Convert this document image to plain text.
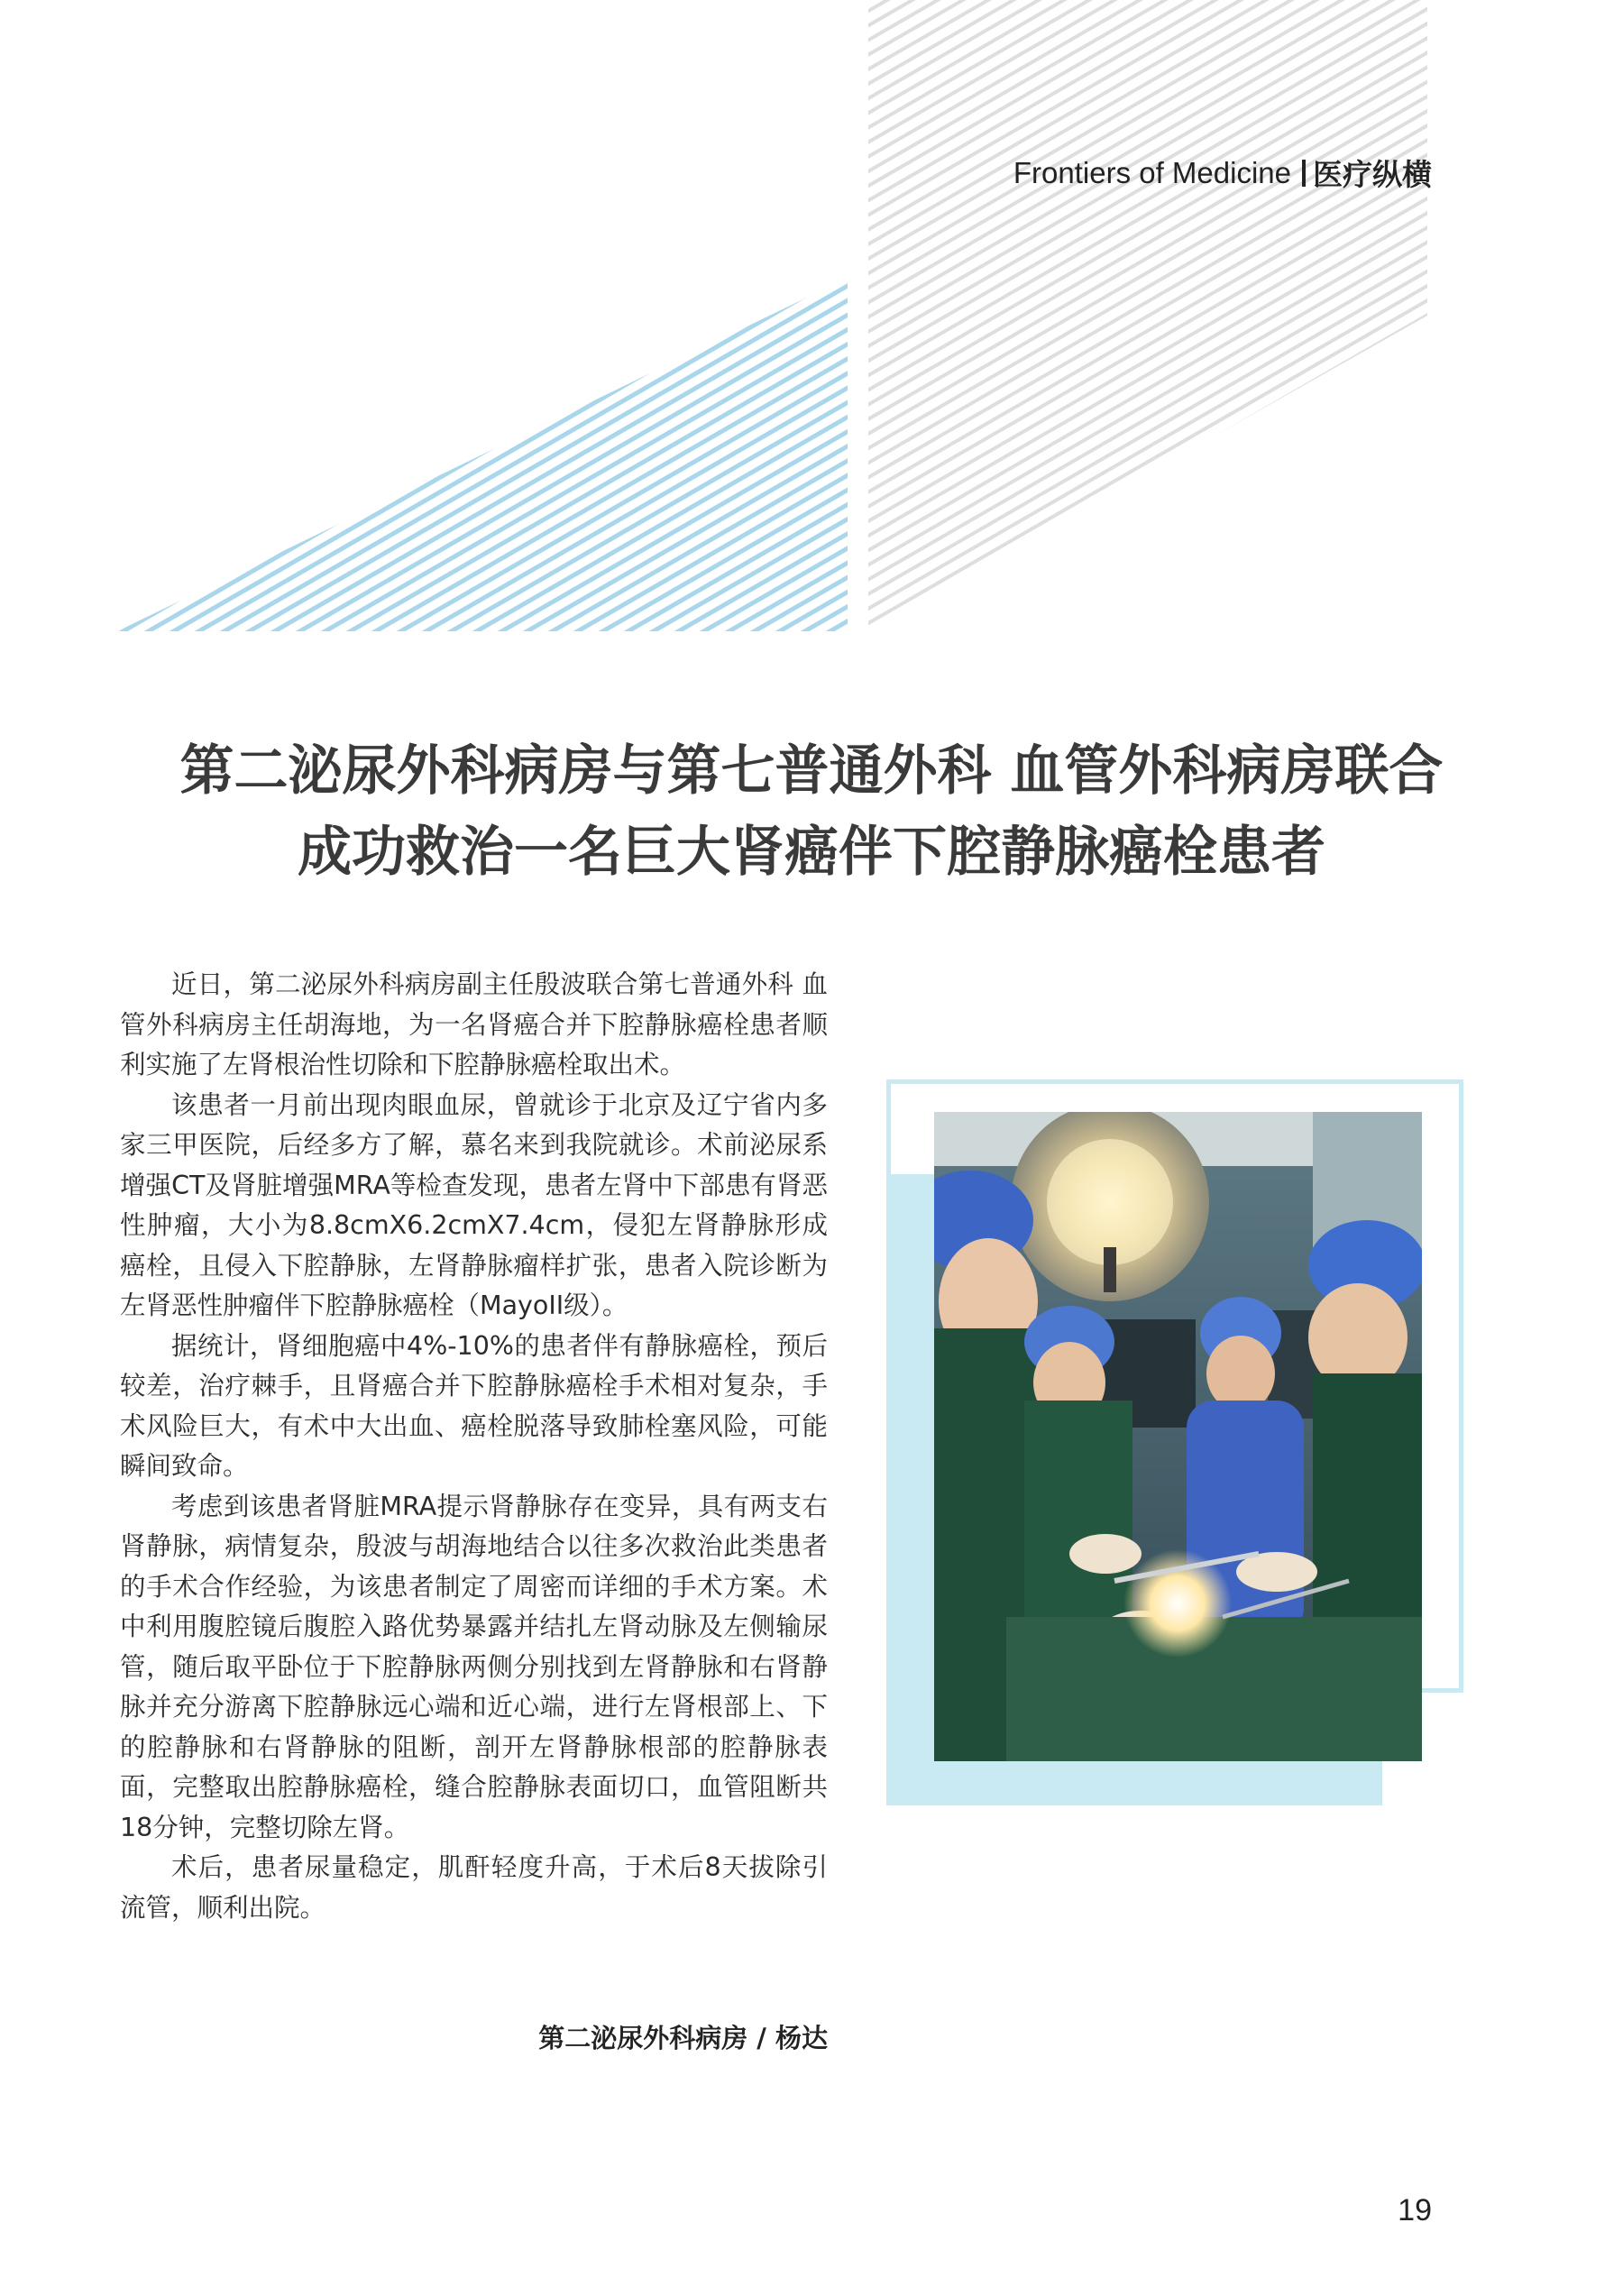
Frontiers of Medicine 医疗纵横
第二泌尿外科病房与第七普通外科 血管外科病房联合
成功救治一名巨大肾癌伴下腔静脉癌栓患者

近日，第二泌尿外科病房副主任殷波联合第七普通外科 血管外科病房主任胡海地，为一名肾癌合并下腔静脉癌栓患者顺利实施了左肾根治性切除和下腔静脉癌栓取出术。

该患者一月前出现肉眼血尿，曾就诊于北京及辽宁省内多家三甲医院，后经多方了解，慕名来到我院就诊。术前泌尿系增强CT及肾脏增强MRA等检查发现，患者左肾中下部患有肾恶性肿瘤，大小为8.8cmX6.2cmX7.4cm，侵犯左肾静脉形成癌栓，且侵入下腔静脉，左肾静脉瘤样扩张，患者入院诊断为左肾恶性肿瘤伴下腔静脉癌栓（MayoII级）。

据统计，肾细胞癌中4%-10%的患者伴有静脉癌栓，预后较差，治疗棘手，且肾癌合并下腔静脉癌栓手术相对复杂，手术风险巨大，有术中大出血、癌栓脱落导致肺栓塞风险，可能瞬间致命。

考虑到该患者肾脏MRA提示肾静脉存在变异，具有两支右肾静脉，病情复杂，殷波与胡海地结合以往多次救治此类患者的手术合作经验，为该患者制定了周密而详细的手术方案。术中利用腹腔镜后腹腔入路优势暴露并结扎左肾动脉及左侧输尿管，随后取平卧位于下腔静脉两侧分别找到左肾静脉和右肾静脉并充分游离下腔静脉远心端和近心端，进行左肾根部上、下的腔静脉和右肾静脉的阻断，剖开左肾静脉根部的腔静脉表面，完整取出腔静脉癌栓，缝合腔静脉表面切口，血管阻断共18分钟，完整切除左肾。

术后，患者尿量稳定，肌酐轻度升高，于术后8天拔除引流管，顺利出院。

第二泌尿外科病房 / 杨达
19
